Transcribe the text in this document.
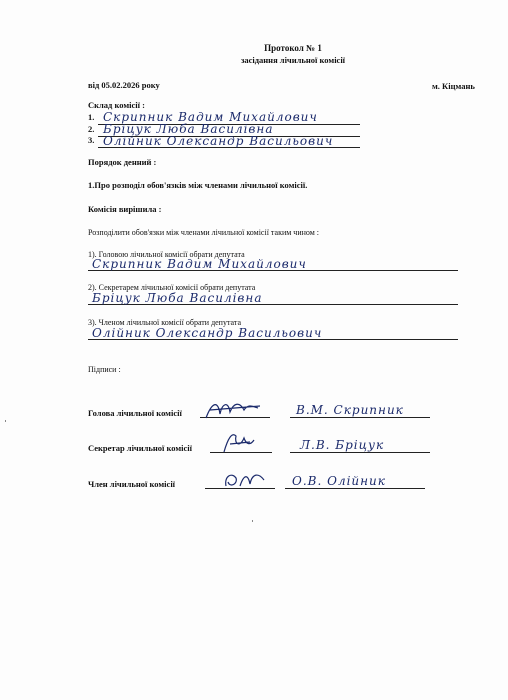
Протокол № 1
засідання лічильної комісії
від 05.02.2026 року	м. Кіцмань
Склад комісії :
1. Скрипник Вадим Михайлович
2. Бріцук Люба Василівна
3. Олійник Олександр Васильович
Порядок денний :
1.Про розподіл обов'язків між членами лічильної комісії.
Комісія вирішила :
Розподілити обов'язки між членами лічильної комісії таким чином :
1). Головою лічильної комісії обрати депутата
Скрипник Вадим Михайлович
2). Секретарем лічильної комісії обрати депутата
Бріцук Люба Василівна
3). Членом лічильної комісії обрати депутата
Олійник Олександр Васильович
Підписи :
Голова лічильної комісії	В.М. Скрипник
Секретар лічильної комісії	Л.В. Бріцук
Член лічильної комісії	О.В. Олійник
